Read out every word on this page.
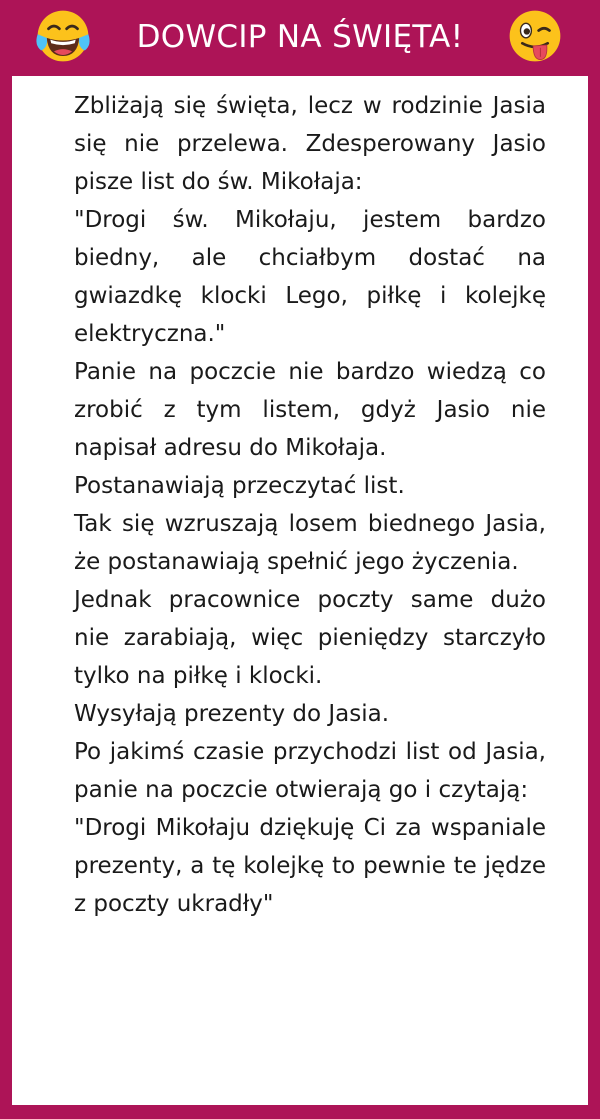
DOWCIP NA ŚWIĘTA!

Zbliżają się święta, lecz w rodzinie Jasia się nie przelewa. Zdesperowany Jasio pisze list do św. Mikołaja:

"Drogi św. Mikołaju, jestem bardzo biedny, ale chciałbym dostać na gwiazdkę klocki Lego, piłkę i kolejkę elektryczna."

Panie na poczcie nie bardzo wiedzą co zrobić z tym listem, gdyż Jasio nie napisał adresu do Mikołaja.

Postanawiają przeczytać list.

Tak się wzruszają losem biednego Jasia, że postanawiają spełnić jego życzenia.

Jednak pracownice poczty same dużo nie zarabiają, więc pieniędzy starczyło tylko na piłkę i klocki.

Wysyłają prezenty do Jasia.

Po jakimś czasie przychodzi list od Jasia, panie na poczcie otwierają go i czytają:

"Drogi Mikołaju dziękuję Ci za wspaniale prezenty, a tę kolejkę to pewnie te jędze z poczty ukradły"
